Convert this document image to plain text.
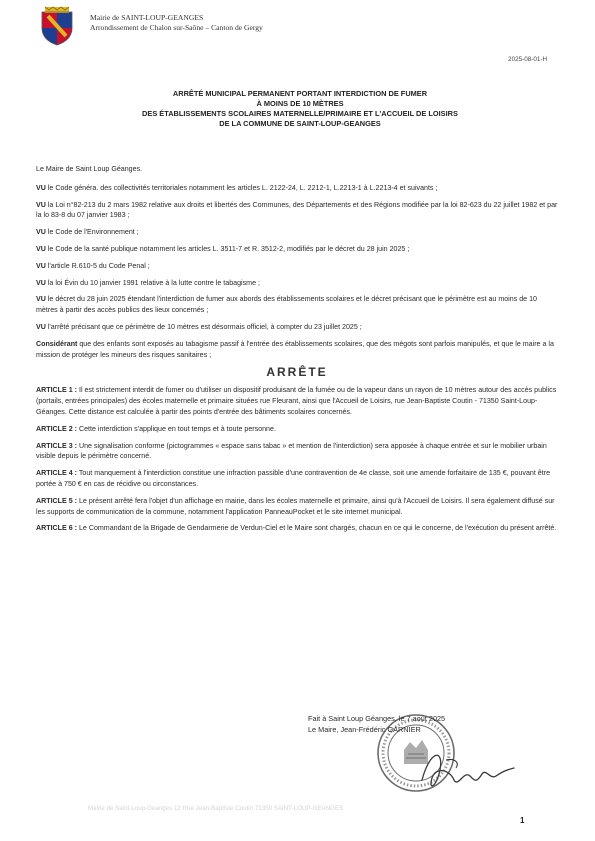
Mairie de SAINT-LOUP-GEANGES
Arrondissement de Chalon sur-Saône – Canton de Gergy
2025-08-01-H
ARRÊTÉ MUNICIPAL PERMANENT PORTANT INTERDICTION DE FUMER
À MOINS DE 10 MÈTRES
DES ÉTABLISSEMENTS SCOLAIRES MATERNELLE/PRIMAIRE ET L'ACCUEIL DE LOISIRS
DE LA COMMUNE DE SAINT-LOUP-GEANGES

Le Maire de Saint Loup Géanges.

VU le Code généra. des collectivités territoriales notamment les articles L. 2122-24, L. 2212-1, L.2213-1 à L.2213-4 et suivants ;

VU la Loi n°82-213 du 2 mars 1982 relative aux droits et libertés des Communes, des Départements et des Régions modifiée par la loi 82-623 du 22 juillet 1982 et par la lo 83-8 du 07 janvier 1983 ;

VU le Code de l'Environnement ;

VU le Code de la santé publique notamment les articles L. 3511-7 et R. 3512-2, modifiés par le décret du 28 juin 2025 ;

VU l'article R.610-5 du Code Penal ;

VU la loi Évin du 10 janvier 1991 relative à la lutte contre le tabagisme ;

VU le décret du 28 juin 2025 étendant l'interdiction de fumer aux abords des établissements scolaires et le décret précisant que le périmètre est au moins de 10 mètres à partir des accès publics des lieux concernés ;

VU l'arrêté précisant que ce périmètre de 10 mètres est désormais officiel, à compter du 23 juillet 2025 ;

Considérant que des enfants sont exposés au tabagisme passif à l'entrée des établissements scolaires, que des mégots sont parfois manipulés, et que le maire a la mission de protéger les mineurs des risques sanitaires ;

ARRÊTE

ARTICLE 1 : Il est strictement interdit de fumer ou d'utiliser un dispositif produisant de la fumée ou de la vapeur dans un rayon de 10 mètres autour des accès publics (portails, entrées principales) des écoles maternelle et primaire situées rue Fleurant, ainsi que l'Accueil de Loisirs, rue Jean-Baptiste Coutin - 71350 Saint-Loup-Géanges. Cette distance est calculée à partir des points d'entrée des bâtiments scolaires concernés.

ARTICLE 2 : Cette interdiction s'applique en tout temps et à toute personne.

ARTICLE 3 : Une signalisation conforme (pictogrammes « espace sans tabac » et mention de l'interdiction) sera apposée à chaque entrée et sur le mobilier urbain visible depuis le périmètre concerné.

ARTICLE 4 : Tout manquement à l'interdiction constitue une infraction passible d'une contravention de 4e classe, soit une amende forfaitaire de 135 €, pouvant être portée à 750 € en cas de récidive ou circonstances.

ARTICLE 5 : Le présent arrêté fera l'objet d'un affichage en mairie, dans les écoles maternelle et primaire, ainsi qu'à l'Accueil de Loisirs. Il sera également diffusé sur les supports de communication de la commune, notamment l'application PanneauPocket et le site internet municipal.

ARTICLE 6 : Le Commandant de la Brigade de Gendarmerie de Verdun-Ciel et le Maire sont chargés, chacun en ce qui le concerne, de l'exécution du présent arrêté.

Fait à Saint Loup Géanges, le 7 août 2025
Le Maire, Jean-Frédéric GARNIER
Mairie de Saint-Loup-Géanges 12 Rue Jean-Baptiste Coutin 71350 SAINT-LOUP-GEANGES
1
